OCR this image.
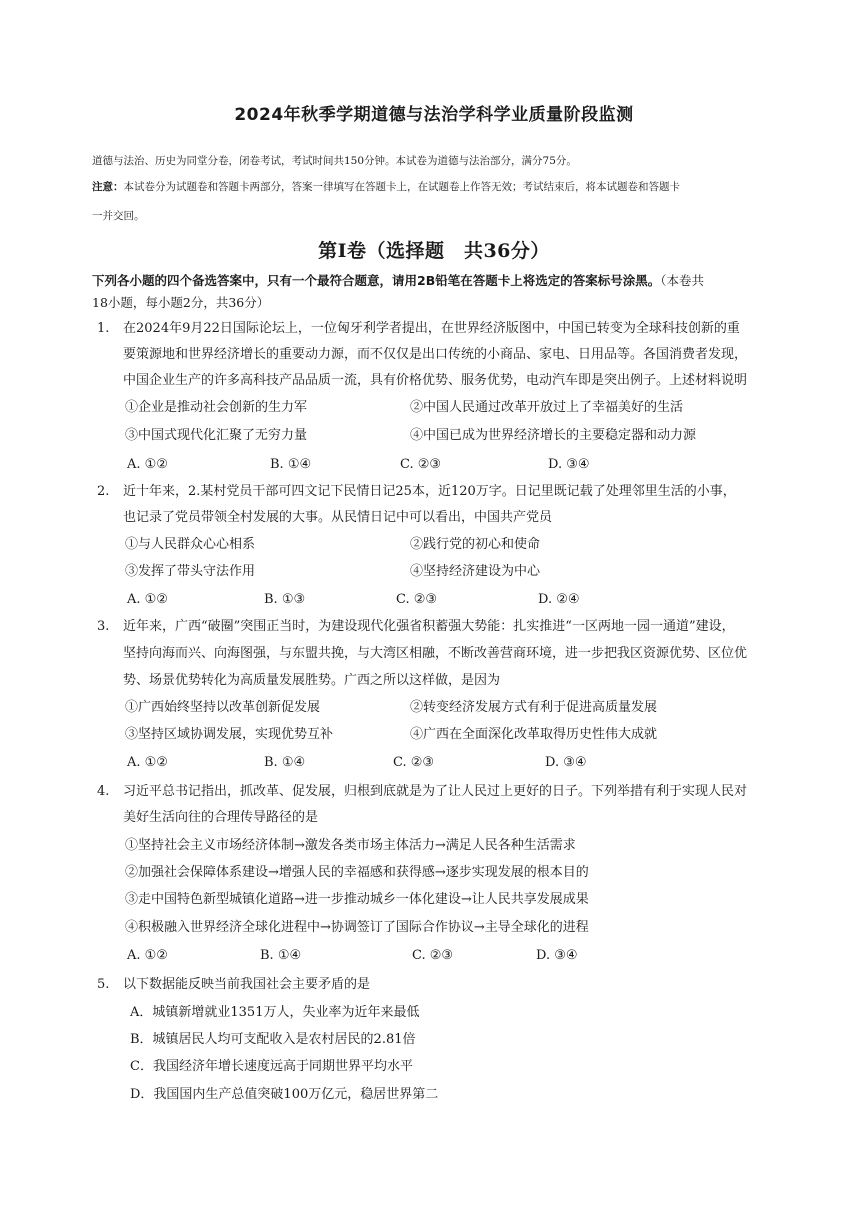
2024年秋季学期道德与法治学科学业质量阶段监测
道德与法治、历史为同堂分卷，闭卷考试，考试时间共150分钟。本试卷为道德与法治部分，满分75分。
注意：本试卷分为试题卷和答题卡两部分，答案一律填写在答题卡上，在试题卷上作答无效；考试结束后，将本试题卷和答题卡
一并交回。
第Ⅰ卷（选择题　共36分）
下列各小题的四个备选答案中，只有一个最符合题意，请用2B铅笔在答题卡上将选定的答案标号涂黑。（本卷共
18小题，每小题2分，共36分）
1. 在2024年9月22日国际论坛上，一位匈牙利学者提出，在世界经济版图中，中国已转变为全球科技创新的重
要策源地和世界经济增长的重要动力源，而不仅仅是出口传统的小商品、家电、日用品等。各国消费者发现，
中国企业生产的许多高科技产品品质一流，具有价格优势、服务优势，电动汽车即是突出例子。上述材料说明
①企业是推动社会创新的生力军	②中国人民通过改革开放过上了幸福美好的生活
③中国式现代化汇聚了无穷力量	④中国已成为世界经济增长的主要稳定器和动力源
A. ①②	B. ①④	C. ②③	D. ③④
2. 近十年来，2.某村党员干部可四文记下民情日记25本，近120万字。日记里既记载了处理邻里生活的小事，
也记录了党员带领全村发展的大事。从民情日记中可以看出，中国共产党员
①与人民群众心心相系	②践行党的初心和使命
③发挥了带头守法作用	④坚持经济建设为中心
A. ①②	B. ①③	C. ②③	D. ②④
3. 近年来，广西“破圈”突围正当时，为建设现代化强省积蓄强大势能：扎实推进“一区两地一园一通道”建设，
坚持向海而兴、向海图强，与东盟共挽，与大湾区相融，不断改善营商环境，进一步把我区资源优势、区位优
势、场景优势转化为高质量发展胜势。广西之所以这样做，是因为
①广西始终坚持以改革创新促发展	②转变经济发展方式有利于促进高质量发展
③坚持区域协调发展，实现优势互补	④广西在全面深化改革取得历史性伟大成就
A. ①②	B. ①④	C. ②③	D. ③④
4. 习近平总书记指出，抓改革、促发展，归根到底就是为了让人民过上更好的日子。下列举措有利于实现人民对
美好生活向往的合理传导路径的是
①坚持社会主义市场经济体制→激发各类市场主体活力→满足人民各种生活需求
②加强社会保障体系建设→增强人民的幸福感和获得感→逐步实现发展的根本目的
③走中国特色新型城镇化道路→进一步推动城乡一体化建设→让人民共享发展成果
④积极融入世界经济全球化进程中→协调签订了国际合作协议→主导全球化的进程
A. ①②	B. ①④	C. ②③	D. ③④
5. 以下数据能反映当前我国社会主要矛盾的是
A．城镇新增就业1351万人，失业率为近年来最低
B．城镇居民人均可支配收入是农村居民的2.81倍
C．我国经济年增长速度远高于同期世界平均水平
D．我国国内生产总值突破100万亿元，稳居世界第二
